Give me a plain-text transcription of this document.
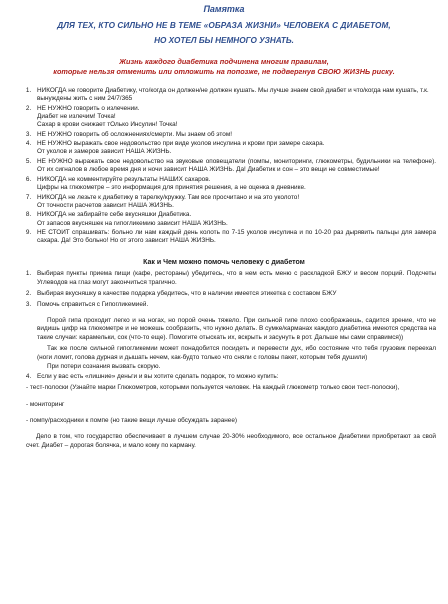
Памятка
ДЛЯ ТЕХ, КТО СИЛЬНО НЕ В ТЕМЕ «ОБРАЗА ЖИЗНИ» ЧЕЛОВЕКА С ДИАБЕТОМ,
НО ХОТЕЛ БЫ НЕМНОГО УЗНАТЬ.
Жизнь каждого диабетика подчинена многим правилам,
которые нельзя отменить или отложить на попозже, не подвергнув СВОЮ ЖИЗНЬ риску.
1. НИКОГДА не говорите Диабетику, что/когда он должен/не должен кушать. Мы лучше знаем свой диабет и что/когда нам кушать, т.к. вынуждены жить с ним 24/7/365
2. НЕ НУЖНО говорить о излечении.
Диабет не излечим! Точка!
Сахар в крови снижает тОлько Инсулин! Точка!
3. НЕ НУЖНО говорить об осложнениях/смерти. Мы знаем об этом!
4. НЕ НУЖНО выражать свое недовольство при виде уколов инсулина и крови при замере сахара.
От уколов и замеров зависит НАША ЖИЗНЬ.
5. НЕ НУЖНО выражать свое недовольство на звуковые оповещатели (помпы, мониторинги, глюкометры, будильники на телефоне). От их сигналов в любое время дня и ночи зависит НАША ЖИЗНЬ. Да! Диабетик и сон – это вещи не совместимые!
6. НИКОГДА не комментируйте результаты НАШИХ сахаров.
Цифры на глюкометре – это информация для принятия решения, а не оценка в дневнике.
7. НИКОГДА не лезьте к диабетику в тарелку/кружку. Там все просчитано и на это уколото!
От точности расчетов зависит НАША ЖИЗНЬ.
8. НИКОГДА не забирайте себе вкусняшки Диабетика.
От запасов вкусняшек на гипогликемию зависит НАША ЖИЗНЬ.
9. НЕ СТОИТ спрашивать: больно ли нам каждый день колоть по 7-15 уколов инсулина и по 10-20 раз дырявить пальцы для замера сахара. Да! Это больно! Но от этого зависит НАША ЖИЗНЬ.
Как и Чем можно помочь человеку с диабетом
1. Выбирая пункты приема пищи (кафе, рестораны) убедитесь, что в нем есть меню с раскладкой БЖУ и весом порций. Подсчеты Углеводов на глаз могут закончиться трагично.
2. Выбирая вкусняшку в качестве подарка убедитесь, что в наличии имеется этикетка с составом БЖУ
3. Помочь справиться с Гипогликемией.
Порой гипа проходит легко и на ногах, но порой очень тяжело. При сильной гипе плохо соображаешь, садится зрение, что не видишь цифр на глюкометре и не можешь сообразить, что нужно делать. В сумке/карманах каждого диабетика имеются средства на такие случаи: карамельки, сок (что-то еще). Помогите отыскать их, вскрыть и засунуть в рот. Дальше мы сами справимся))
Так же после сильной гипогликемии может понадобится посидеть и перевести дух, ибо состояние что тебя грузовик переехал (ноги ломит, голова дурная и дышать нечем, как-будто только что сняли с головы пакет, которым тебя душили)
При потери сознания вызвать скорую.
4. Если у вас есть «лишние» деньги и вы хотите сделать подарок, то можно купить:
- тест-полоски (Узнайте марки Глюкометров, которыми пользуется человек. На каждый глюкометр только свои тест-полоски),
- мониторинг
- помпу/расходники к помпе (но такие вещи лучше обсуждать заранее)
Дело в том, что государство обеспечивает в лучшем случае 20-30% необходимого, все остальное Диабетики приобретают за свой счет. Диабет – дорогая болячка, и мало кому по карману.
